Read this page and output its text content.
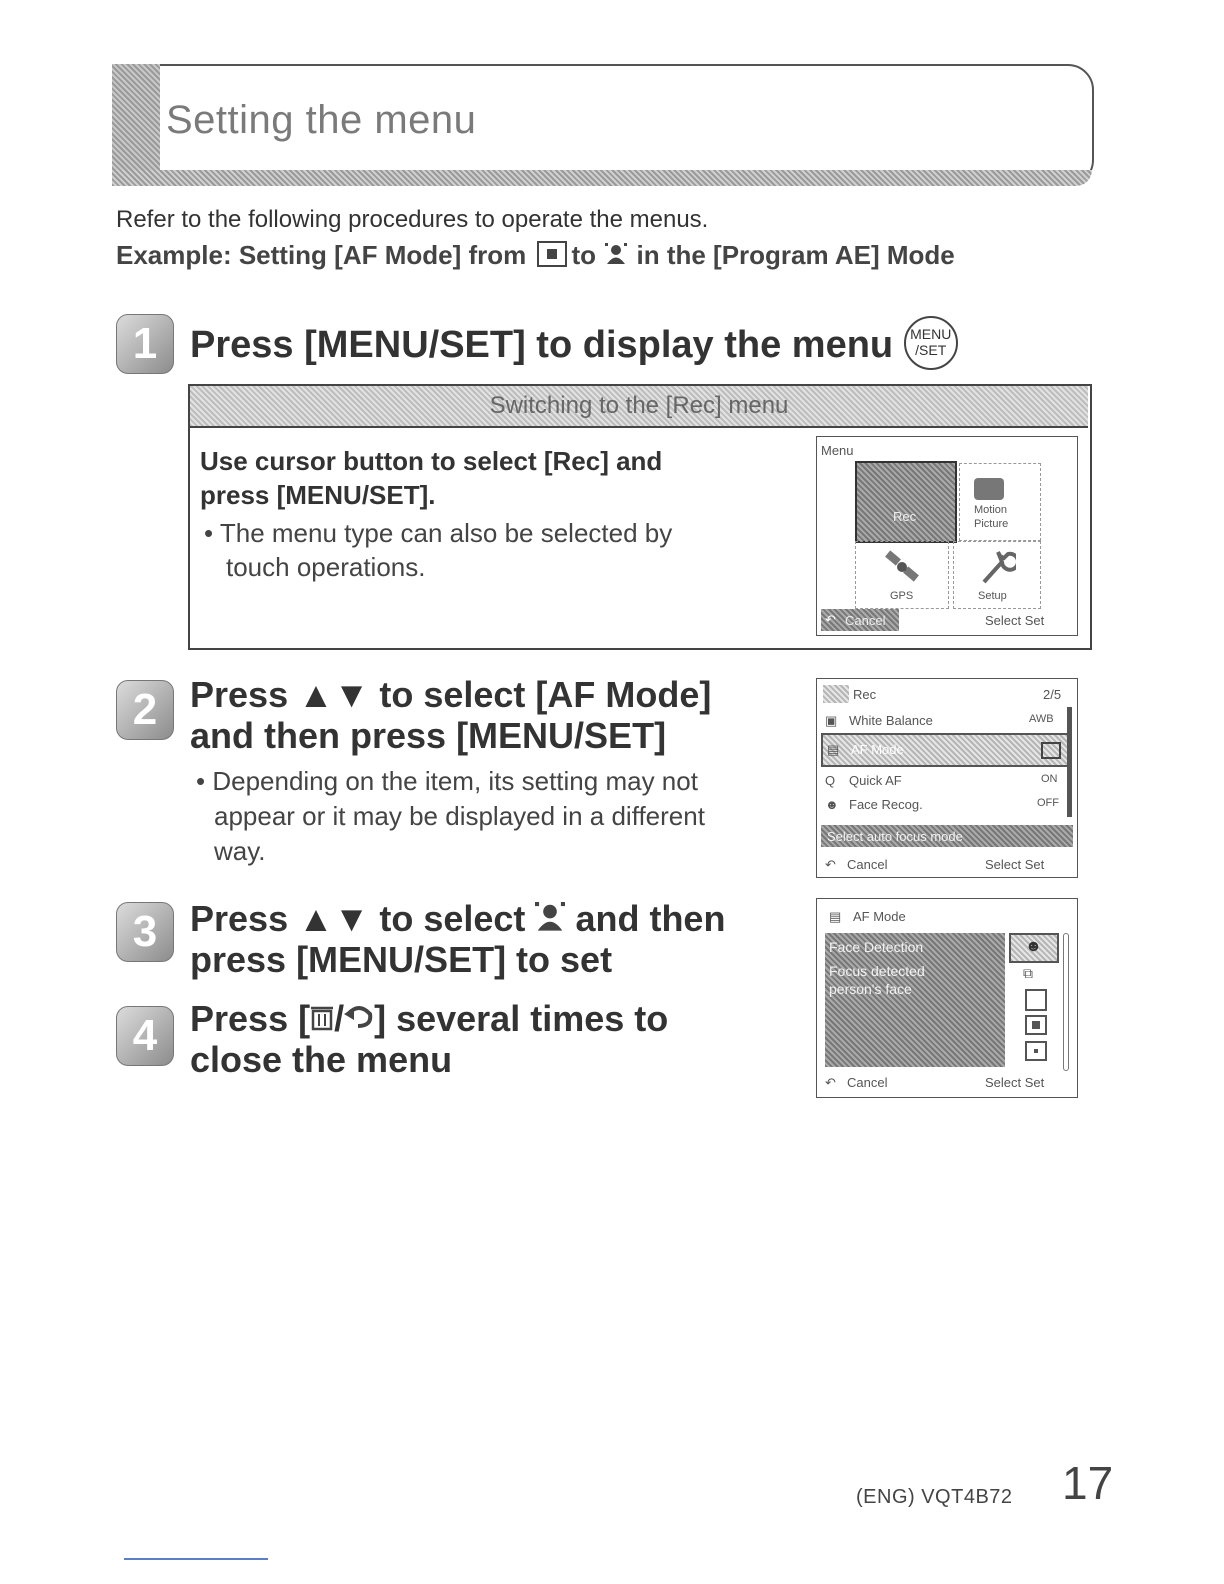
Setting the menu
Refer to the following procedures to operate the menus.
Example: Setting [AF Mode] from to in the [Program AE] Mode
1 Press [MENU/SET] to display the menu	MENU
/SET
Switching to the [Rec] menu
Use cursor button to select [Rec] and
press [MENU/SET].
• The menu type can also be selected by
touch operations.
Menu
Rec	Motion
Picture
GPS	Setup
↶ Cancel	Select Set
2 Press ▲▼ to select [AF Mode]
and then press [MENU/SET]
• Depending on the item, its setting may not
appear or it may be displayed in a different
way.
Rec	2/5
▣ White Balance	AWB
▤ AF Mode
Q Quick AF	ON
☻ Face Recog.	OFF
Select auto focus mode
↶ Cancel	Select Set
3 Press ▲▼ to select and then
press [MENU/SET] to set
4 Press [ / ] several times to
close the menu
▤ AF Mode
Face Detection
Focus detected
person's face
☻
⧉
↶ Cancel	Select Set
(ENG) VQT4B72 17
